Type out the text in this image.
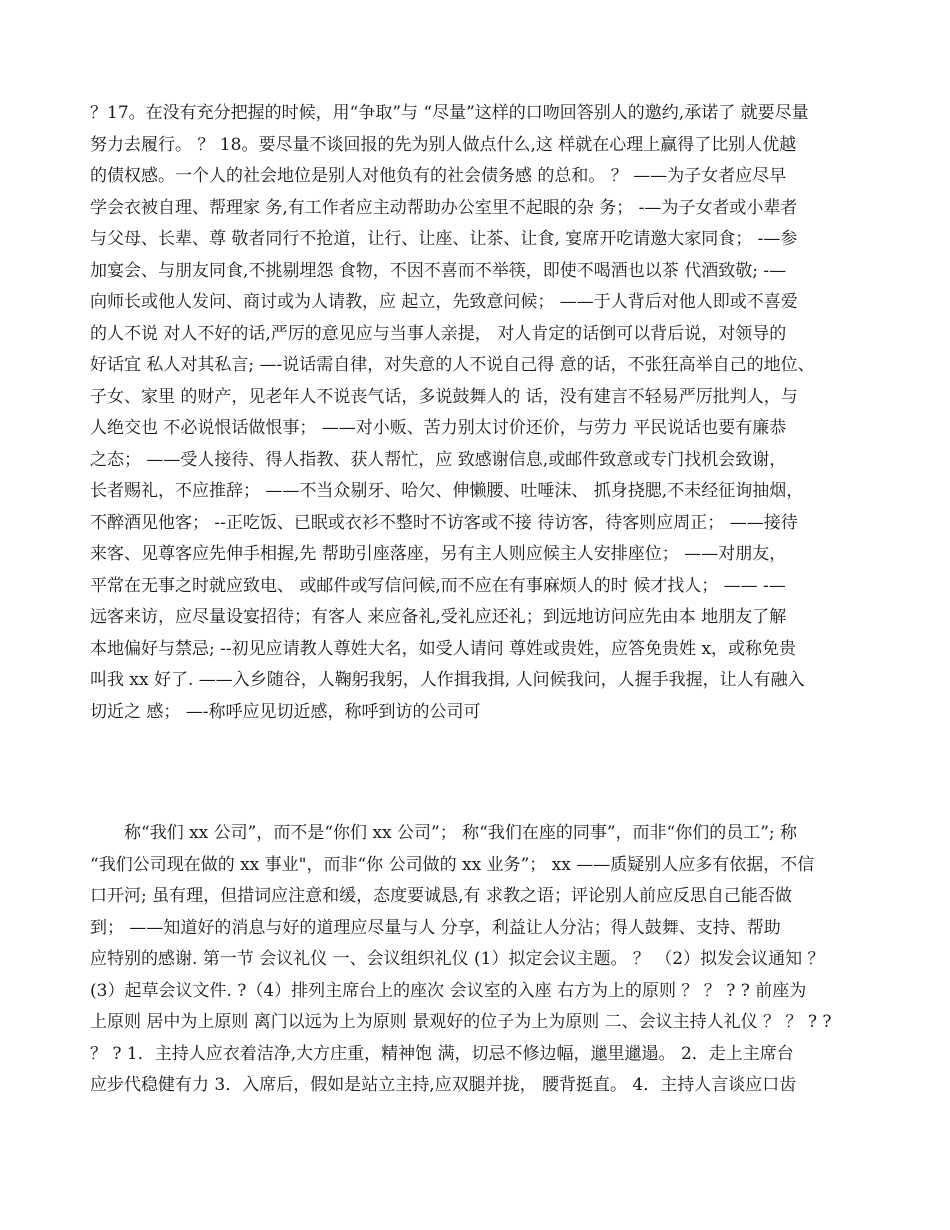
？17。在没有充分把握的时候，用“争取”与 “尽量”这样的口吻回答别人的邀约,承诺了 就要尽量
努力去履行。 ？ 18。要尽量不谈回报的先为别人做点什么,这 样就在心理上赢得了比别人优越
的债权感。一个人的社会地位是别人对他负有的社会债务感 的总和。 ？ ——为子女者应尽早
学会衣被自理、帮理家 务,有工作者应主动帮助办公室里不起眼的杂 务； -—为子女者或小辈者
与父母、长辈、尊 敬者同行不抢道，让行、让座、让茶、让食, 宴席开吃请邀大家同食； -—参
加宴会、与朋友同食,不挑剔埋怨 食物，不因不喜而不举筷，即使不喝酒也以茶 代酒致敬; -—
向师长或他人发问、商讨或为人请教，应 起立，先致意问候； ——于人背后对他人即或不喜爱
的人不说 对人不好的话,严厉的意见应与当事人亲提， 对人肯定的话倒可以背后说，对领导的
好话宜 私人对其私言; —-说话需自律，对失意的人不说自己得 意的话，不张狂高举自己的地位、
子女、家里 的财产，见老年人不说丧气话，多说鼓舞人的 话，没有建言不轻易严厉批判人，与
人绝交也 不必说恨话做恨事； ——对小贩、苦力别太讨价还价，与劳力 平民说话也要有廉恭
之态； ——受人接待、得人指教、获人帮忙，应 致感谢信息,或邮件致意或专门找机会致谢，
长者赐礼，不应推辞； ——不当众剔牙、哈欠、伸懒腰、吐唾沫、 抓身挠腮,不未经征询抽烟，
不醉酒见他客； --正吃饭、已眠或衣衫不整时不访客或不接 待访客，待客则应周正； ——接待
来客、见尊客应先伸手相握,先 帮助引座落座，另有主人则应候主人安排座位； ——对朋友，
平常在无事之时就应致电、 或邮件或写信问候,而不应在有事麻烦人的时 候才找人； —— -—
远客来访，应尽量设宴招待；有客人 来应备礼,受礼应还礼；到远地访问应先由本 地朋友了解
本地偏好与禁忌; --初见应请教人尊姓大名，如受人请问 尊姓或贵姓，应答免贵姓 x，或称免贵
叫我 xx 好了. ——入乡随谷，人鞠躬我躬，人作揖我揖, 人问候我问，人握手我握，让人有融入
切近之 感； —-称呼应见切近感，称呼到访的公司可
　　称“我们 xx 公司”，而不是“你们 xx 公司”； 称“我们在座的同事”，而非“你们的员工”; 称
“我们公司现在做的 xx 事业"，而非“你 公司做的 xx 业务”； xx ——质疑别人应多有依据，不信
口开河; 虽有理，但措词应注意和缓，态度要诚恳,有 求教之语；评论别人前应反思自己能否做
到； ——知道好的消息与好的道理应尽量与人 分享，利益让人分沾；得人鼓舞、支持、帮助
应特别的感谢. 第一节 会议礼仪 一、会议组织礼仪 (1）拟定会议主题。 ？ （2）拟发会议通知 ？
(3）起草会议文件. ?（4）排列主席台上的座次 会议室的入座 右方为上的原则 ？ ？ ? ? 前座为
上原则 居中为上原则 离门以远为上为原则 景观好的位子为上为原则 二、会议主持人礼仪 ？ ？ ? ?
？ ? 1．主持人应衣着洁净,大方庄重，精神饱 满，切忌不修边幅，邋里邋遢。 2．走上主席台
应步代稳健有力 3．入席后，假如是站立主持,应双腿并拢， 腰背挺直。 4．主持人言谈应口齿
